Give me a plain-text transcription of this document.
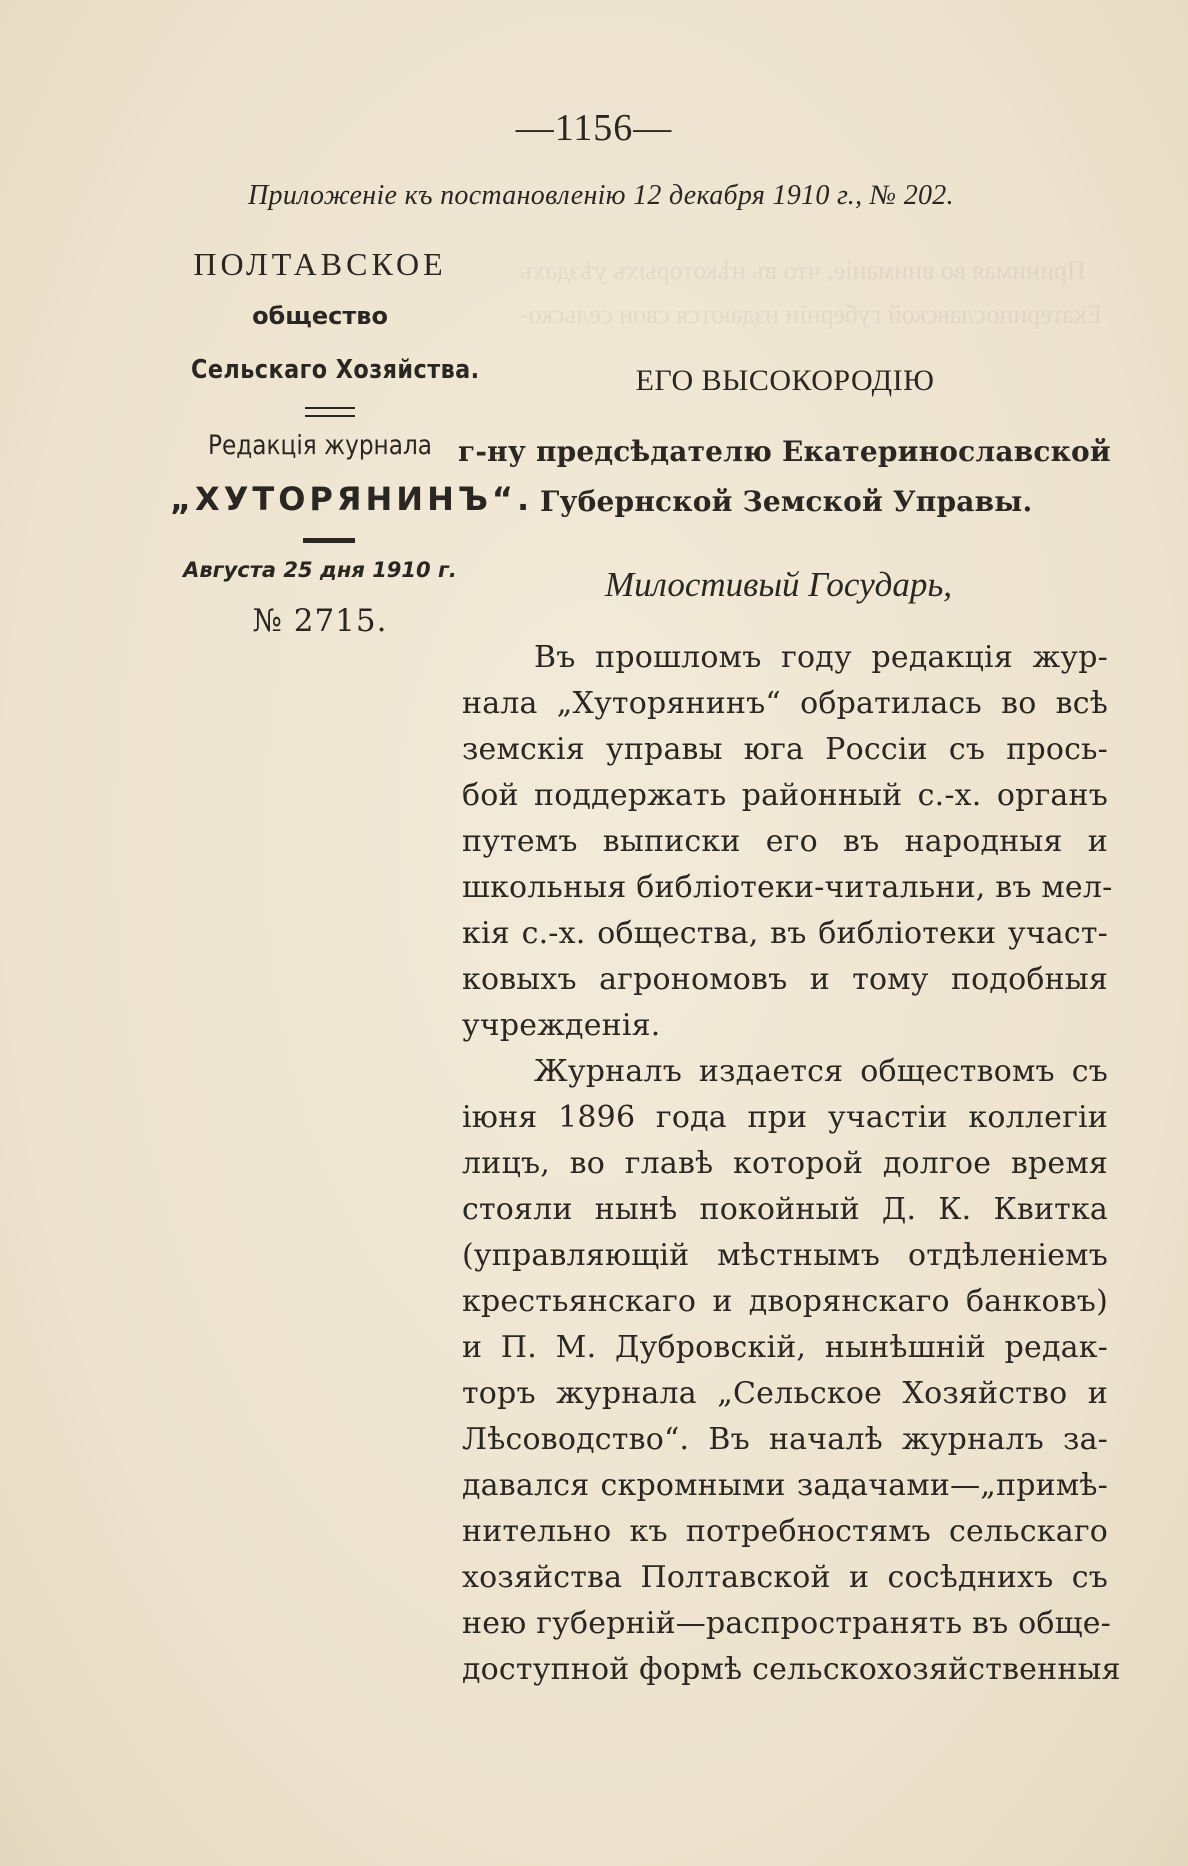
Принимая во вниманіе, что въ нѣкоторыхъ уѣздахъ
Екатеринославской губерніи издаются свои сельско-
—1156—
Приложеніе къ постановленію 12 декабря 1910 г., № 202.
ПОЛТАВСКОЕ
общество
Сельскаго Хозяйства.
Редакція журнала
„ХУТОРЯНИНЪ“.
Августа 25 дня 1910 г.
№ 2715.
ЕГО ВЫСОКОРОДІЮ
г-ну предсѣдателю Екатеринославской
Губернской Земской Управы.
Милостивый Государь,
Въ прошломъ году редакція жур-
нала „Хуторянинъ“ обратилась во всѣ
земскія управы юга Россіи съ прось-
бой поддержать районный с.-х. органъ
путемъ выписки его въ народныя и
школьныя библіотеки-читальни, въ мел-
кія с.-х. общества, въ библіотеки участ-
ковыхъ агрономовъ и тому подобныя
учрежденія.
Журналъ издается обществомъ съ
іюня 1896 года при участіи коллегіи
лицъ, во главѣ которой долгое время
стояли нынѣ покойный Д. К. Квитка
(управляющій мѣстнымъ отдѣленіемъ
крестьянскаго и дворянскаго банковъ)
и П. М. Дубровскій, нынѣшній редак-
торъ журнала „Сельское Хозяйство и
Лѣсоводство“. Въ началѣ журналъ за-
давался скромными задачами—„примѣ-
нительно къ потребностямъ сельскаго
хозяйства Полтавской и сосѣднихъ съ
нею губерній—распространять въ обще-
доступной формѣ сельскохозяйственныя
